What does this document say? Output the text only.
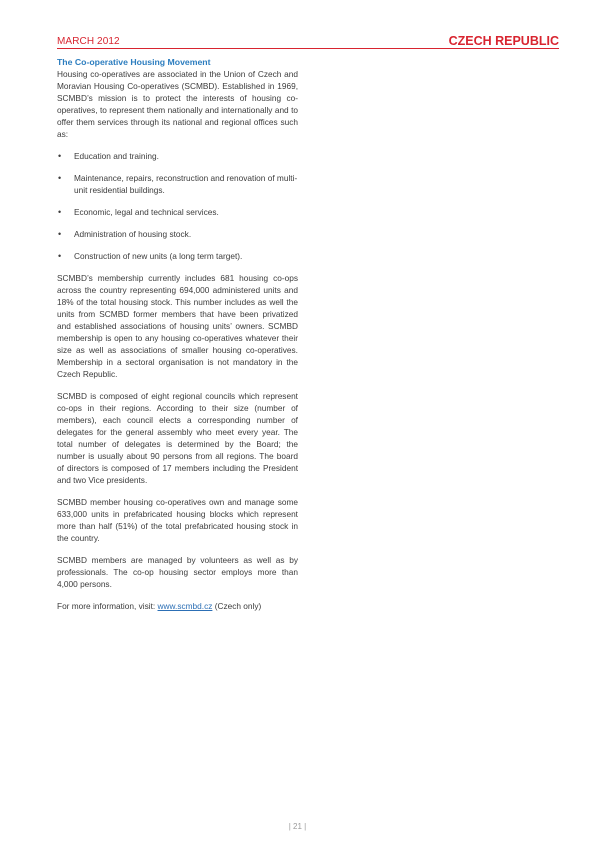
MARCH 2012	CZECH REPUBLIC
The Co-operative Housing Movement

Housing co-operatives are associated in the Union of Czech and Moravian Housing Co-operatives (SCMBD). Established in 1969, SCMBD’s mission is to protect the interests of housing co-operatives, to represent them nationally and internationally and to offer them services through its national and regional offices such as:

• Education and training.
• Maintenance, repairs, reconstruction and renovation of multi-unit residential buildings.
• Economic, legal and technical services.
• Administration of housing stock.
• Construction of new units (a long term target).

SCMBD’s membership currently includes 681 housing co-ops across the country representing 694,000 administered units and 18% of the total housing stock. This number includes as well the units from SCMBD former members that have been privatized and established associations of housing units’ owners. SCMBD membership is open to any housing co-operatives whatever their size as well as associations of smaller housing co-operatives. Membership in a sectoral organisation is not mandatory in the Czech Republic.

SCMBD is composed of eight regional councils which represent co-ops in their regions. According to their size (number of members), each council elects a corresponding number of delegates for the general assembly who meet every year. The total number of delegates is determined by the Board; the number is usually about 90 persons from all regions. The board of directors is composed of 17 members including the President and two Vice presidents.

SCMBD member housing co-operatives own and manage some 633,000 units in prefabricated housing blocks which represent more than half (51%) of the total prefabricated housing stock in the country.

SCMBD members are managed by volunteers as well as by professionals. The co-op housing sector employs more than 4,000 persons.

For more information, visit: www.scmbd.cz (Czech only)

| 21 |
